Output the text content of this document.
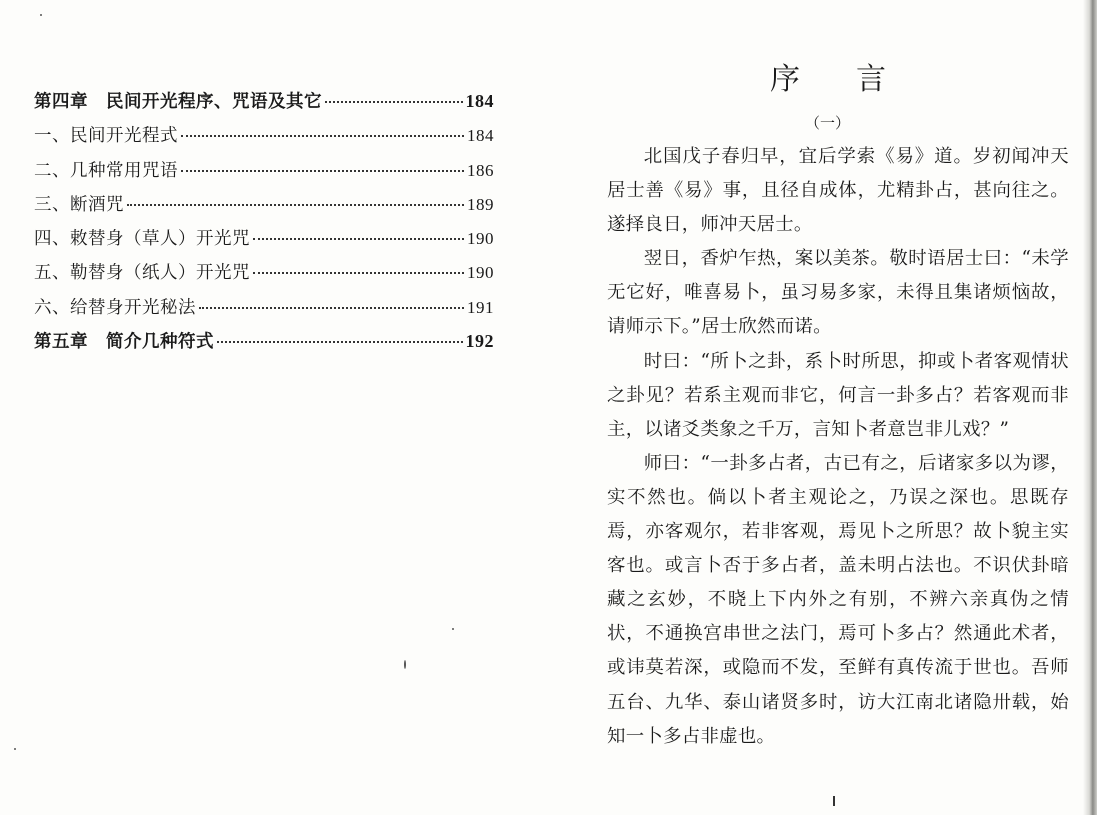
第四章　民间开光程序、咒语及其它	184
一、民间开光程式	184
二、几种常用咒语	186
三、断酒咒	189
四、敕替身（草人）开光咒	190
五、勒替身（纸人）开光咒	190
六、给替身开光秘法	191
第五章　简介几种符式	192
序言
（一）

北国戊子春归早，宜后学索《易》道。岁初闻冲天居士善《易》事，且径自成体，尤精卦占，甚向往之。遂择良日，师冲天居士。

翌日，香炉乍热，案以美茶。敬时语居士曰：“未学无它好，唯喜易卜，虽习易多家，未得且集诸烦恼故，请师示下。”居士欣然而诺。

时曰：“所卜之卦，系卜时所思，抑或卜者客观情状之卦见？若系主观而非它，何言一卦多占？若客观而非主，以诸爻类象之千万，言知卜者意岂非儿戏？”

师曰：“一卦多占者，古已有之，后诸家多以为谬，实不然也。倘以卜者主观论之，乃误之深也。思既存焉，亦客观尔，若非客观，焉见卜之所思？故卜貌主实客也。或言卜否于多占者，盖未明占法也。不识伏卦暗藏之玄妙，不晓上下内外之有别，不辨六亲真伪之情状，不通换宫串世之法门，焉可卜多占？然通此术者，或讳莫若深，或隐而不发，至鲜有真传流于世也。吾师五台、九华、泰山诸贤多时，访大江南北诸隐卅载，始知一卜多占非虚也。
